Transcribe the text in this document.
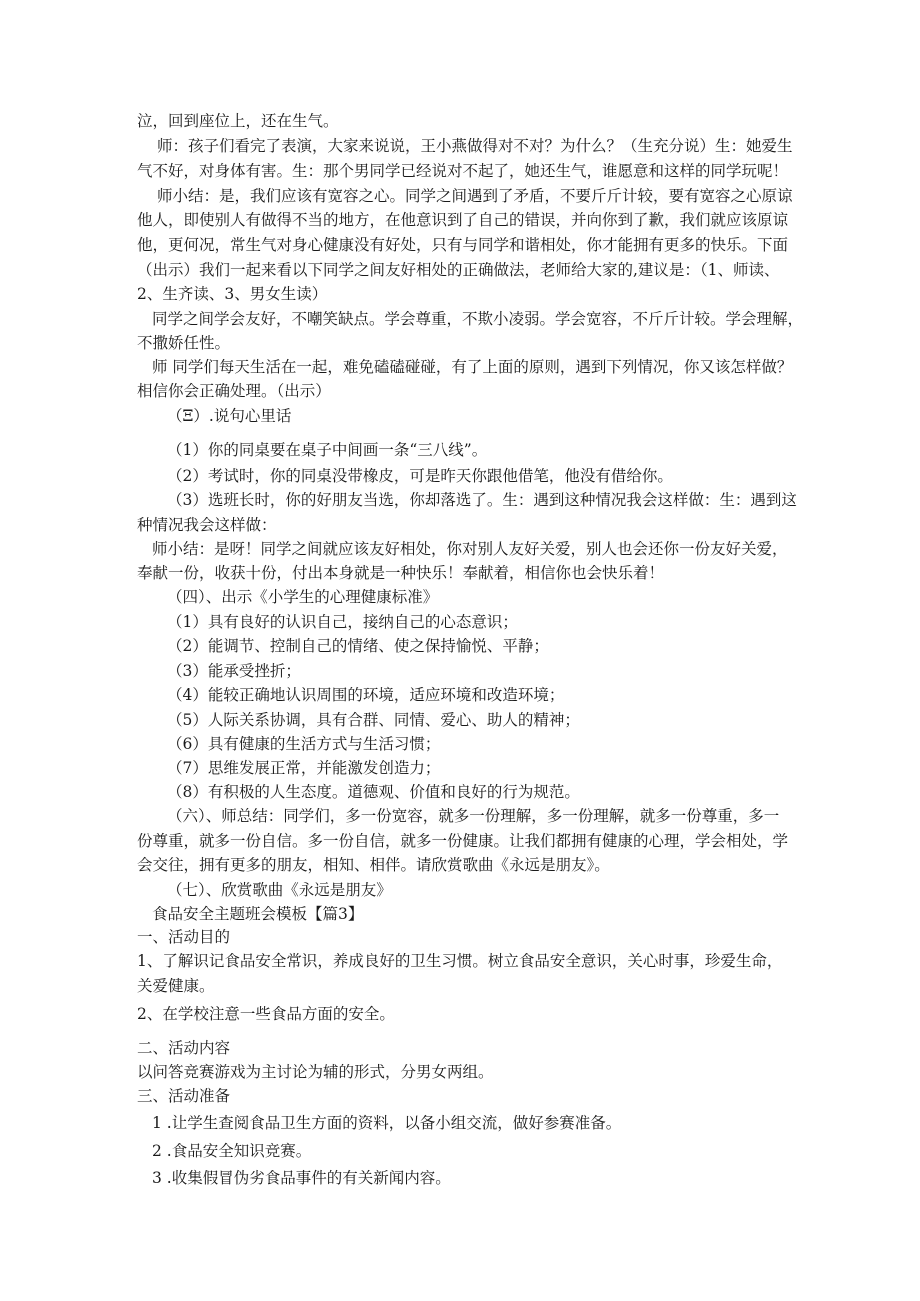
泣，回到座位上，还在生气。
师：孩子们看完了表演，大家来说说，王小燕做得对不对？为什么？（生充分说）生：她爱生
气不好，对身体有害。生：那个男同学已经说对不起了，她还生气，谁愿意和这样的同学玩呢！
师小结：是，我们应该有宽容之心。同学之间遇到了矛盾，不要斤斤计较，要有宽容之心原谅
他人，即使别人有做得不当的地方，在他意识到了自己的错误，并向你到了歉，我们就应该原谅
他，更何况，常生气对身心健康没有好处，只有与同学和谐相处，你才能拥有更多的快乐。下面
（出示）我们一起来看以下同学之间友好相处的正确做法，老师给大家的,建议是：（1、师读、
2、生齐读、3、男女生读）
同学之间学会友好，不嘲笑缺点。学会尊重，不欺小凌弱。学会宽容，不斤斤计较。学会理解，
不撒娇任性。
师 同学们每天生活在一起，难免磕磕碰碰，有了上面的原则，遇到下列情况，你又该怎样做？
相信你会正确处理。（出示）
（Ξ）.说句心里话
（1）你的同桌要在桌子中间画一条“三八线”。
（2）考试时，你的同桌没带橡皮，可是昨天你跟他借笔，他没有借给你。
（3）选班长时，你的好朋友当选，你却落选了。生：遇到这种情况我会这样做：生：遇到这
种情况我会这样做：
师小结：是呀！同学之间就应该友好相处，你对别人友好关爱，别人也会还你一份友好关爱，
奉献一份，收获十份，付出本身就是一种快乐！奉献着，相信你也会快乐着！
（四）、出示《小学生的心理健康标准》
（1）具有良好的认识自己，接纳自己的心态意识；
（2）能调节、控制自己的情绪、使之保持愉悦、平静；
（3）能承受挫折；
（4）能较正确地认识周围的环境，适应环境和改造环境；
（5）人际关系协调，具有合群、同情、爱心、助人的精神；
（6）具有健康的生活方式与生活习惯；
（7）思维发展正常，并能激发创造力；
（8）有积极的人生态度。道德观、价值和良好的行为规范。
（六）、师总结：同学们，多一份宽容，就多一份理解，多一份理解，就多一份尊重，多一
份尊重，就多一份自信。多一份自信，就多一份健康。让我们都拥有健康的心理，学会相处，学
会交往，拥有更多的朋友，相知、相伴。请欣赏歌曲《永远是朋友》。
（七）、欣赏歌曲《永远是朋友》
食品安全主题班会模板【篇3】
一、活动目的
1、了解识记食品安全常识，养成良好的卫生习惯。树立食品安全意识，关心时事，珍爱生命，
关爱健康。
2、在学校注意一些食品方面的安全。
二、活动内容
以问答竞赛游戏为主讨论为辅的形式，分男女两组。
三、活动准备
1 .让学生查阅食品卫生方面的资料，以备小组交流，做好参赛准备。
2 .食品安全知识竞赛。
3 .收集假冒伪劣食品事件的有关新闻内容。
